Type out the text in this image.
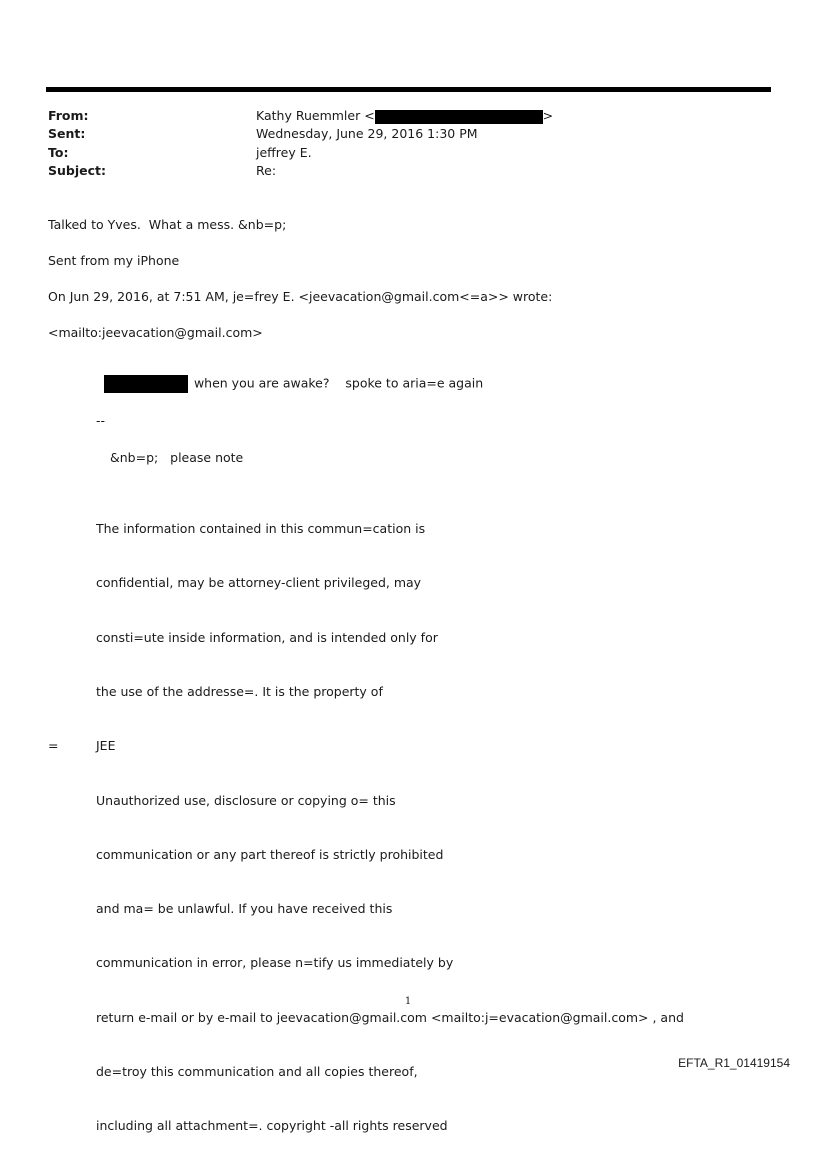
From:	Kathy Ruemmler <	>
Sent:	Wednesday, June 29, 2016 1:30 PM
To:	jeffrey E.
Subject:	Re:
Talked to Yves.  What a mess. &nb=p;
Sent from my iPhone
On Jun 29, 2016, at 7:51 AM, je=frey E. <jeevacation@gmail.com<=a>> wrote:
<mailto:jeevacation@gmail.com>

when you are awake?    spoke to aria=e again

--
&nb=p;   please note

The information contained in this commun=cation is

confidential, may be attorney-client privileged, may

consti=ute inside information, and is intended only for

the use of the addresse=. It is the property of

JEE

Unauthorized use, disclosure or copying o= this

communication or any part thereof is strictly prohibited

and ma= be unlawful. If you have received this

communication in error, please n=tify us immediately by

return e-mail or by e-mail to jeevacation@gmail.com <mailto:j=evacation@gmail.com> , and

de=troy this communication and all copies thereof,

including all attachment=. copyright -all rights reserved

=
1
EFTA_R1_01419154
